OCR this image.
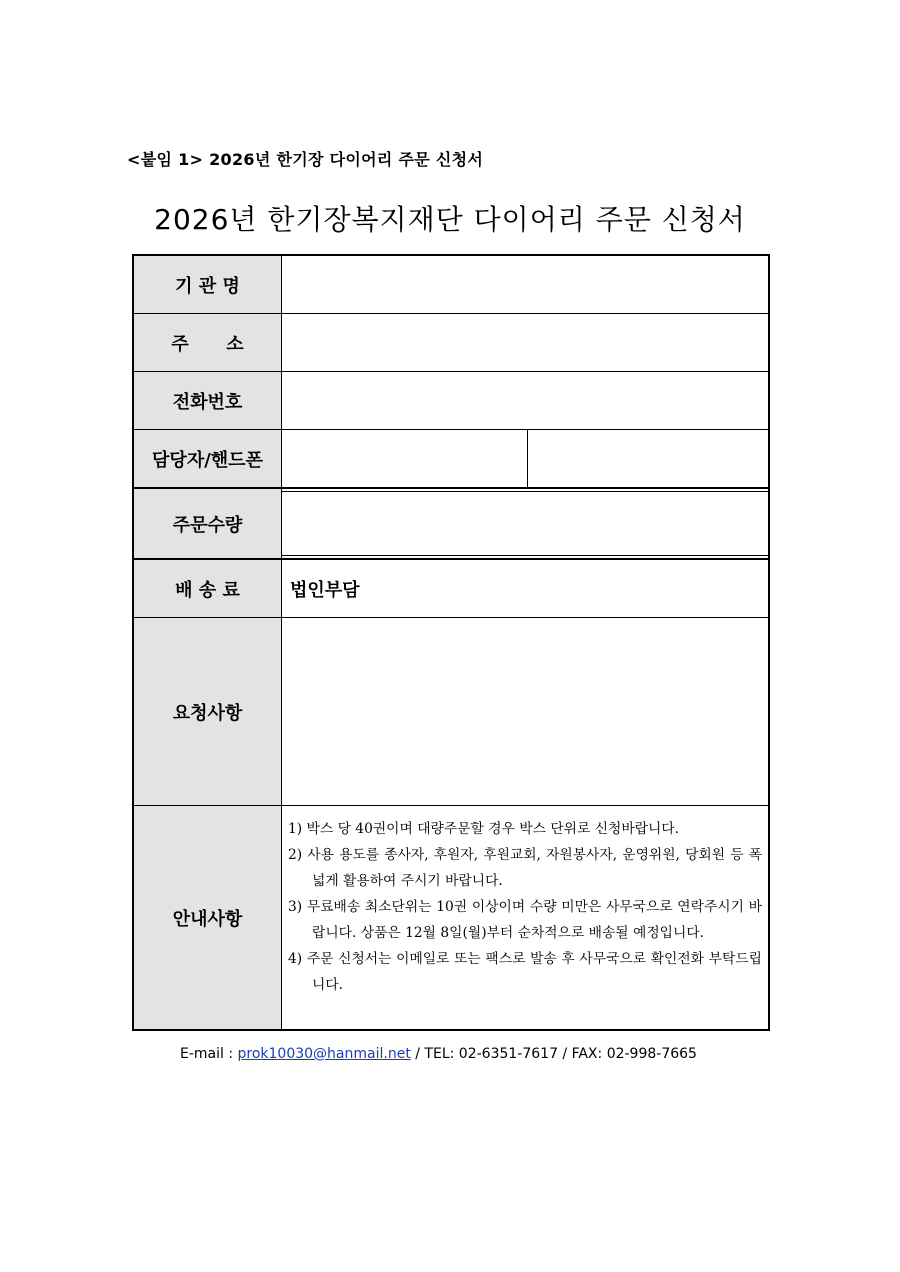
<붙임 1> 2026년 한기장 다이어리 주문 신청서
2026년 한기장복지재단 다이어리 주문 신청서
기 관 명
주      소
전화번호
담당자/핸드폰
주문수량
배 송 료	법인부담
요청사항
안내사항
1) 박스 당 40권이며 대량주문할 경우 박스 단위로 신청바랍니다.
2) 사용 용도를 종사자, 후원자, 후원교회, 자원봉사자, 운영위원, 당회원 등 폭넓게 활용하여 주시기 바랍니다.
3) 무료배송 최소단위는 10권 이상이며 수량 미만은 사무국으로 연락주시기 바랍니다. 상품은 12월 8일(월)부터 순차적으로 배송될 예정입니다.
4) 주문 신청서는 이메일로 또는 팩스로 발송 후 사무국으로 확인전화 부탁드립니다.
E-mail : prok10030@hanmail.net / TEL: 02-6351-7617 / FAX: 02-998-7665
